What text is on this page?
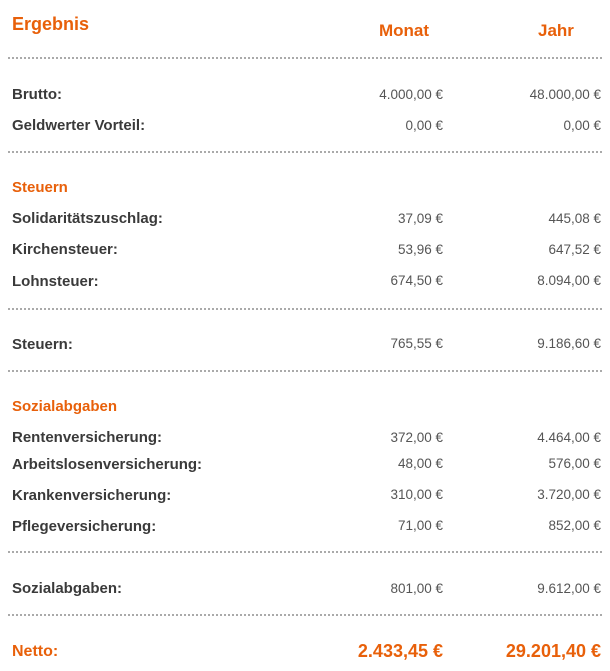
Ergebnis	Monat	Jahr
Brutto:	4.000,00 €	48.000,00 €
Geldwerter Vorteil:	0,00 €	0,00 €
Steuern
Solidaritätszuschlag:	37,09 €	445,08 €
Kirchensteuer:	53,96 €	647,52 €
Lohnsteuer:	674,50 €	8.094,00 €
Steuern:	765,55 €	9.186,60 €
Sozialabgaben
Rentenversicherung:	372,00 €	4.464,00 €
Arbeitslosenversicherung:	48,00 €	576,00 €
Krankenversicherung:	310,00 €	3.720,00 €
Pflegeversicherung:	71,00 €	852,00 €
Sozialabgaben:	801,00 €	9.612,00 €
Netto:	2.433,45 €	29.201,40 €
